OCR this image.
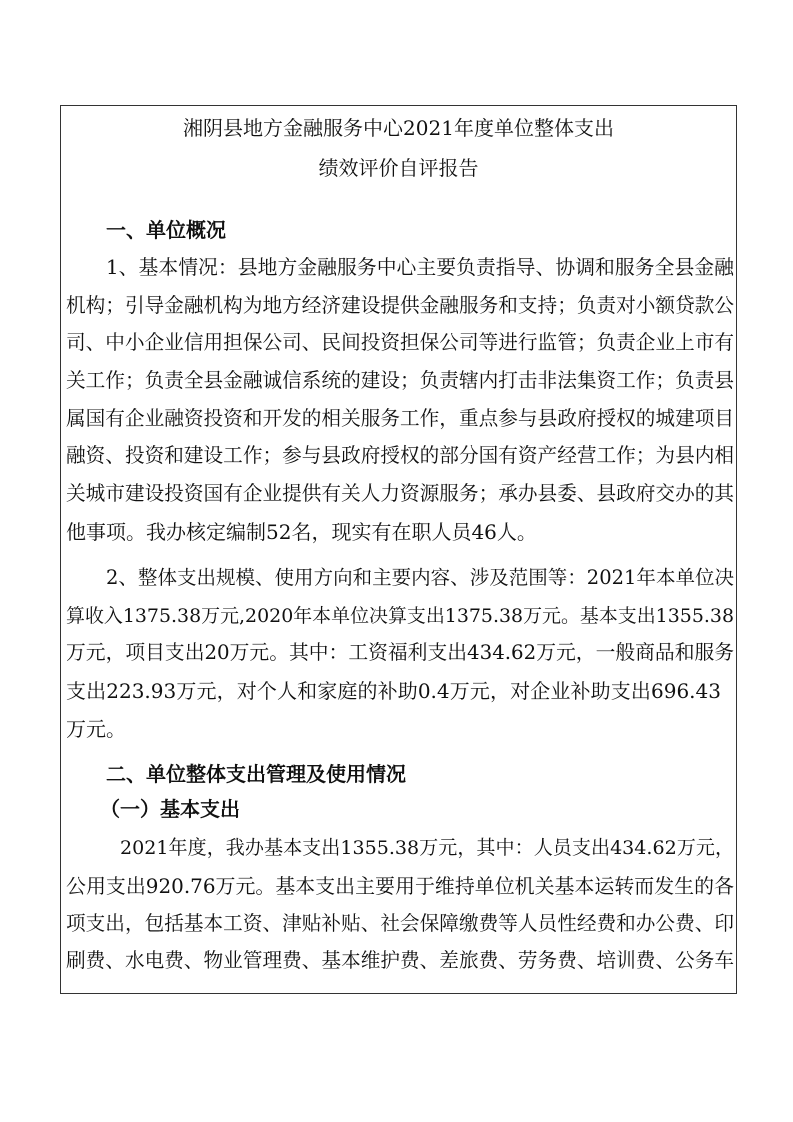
湘阴县地方金融服务中心2021年度单位整体支出
绩效评价自评报告
一、单位概况
1、基本情况：县地方金融服务中心主要负责指导、协调和服务全县金融
机构；引导金融机构为地方经济建设提供金融服务和支持；负责对小额贷款公
司、中小企业信用担保公司、民间投资担保公司等进行监管；负责企业上市有
关工作；负责全县金融诚信系统的建设；负责辖内打击非法集资工作；负责县
属国有企业融资投资和开发的相关服务工作，重点参与县政府授权的城建项目
融资、投资和建设工作；参与县政府授权的部分国有资产经营工作；为县内相
关城市建设投资国有企业提供有关人力资源服务；承办县委、县政府交办的其
他事项。我办核定编制52名，现实有在职人员46人。
2、整体支出规模、使用方向和主要内容、涉及范围等：2021年本单位决
算收入1375.38万元,2020年本单位决算支出1375.38万元。基本支出1355.38
万元，项目支出20万元。其中：工资福利支出434.62万元，一般商品和服务
支出223.93万元，对个人和家庭的补助0.4万元，对企业补助支出696.43
万元。
二、单位整体支出管理及使用情况
（一）基本支出
2021年度，我办基本支出1355.38万元，其中：人员支出434.62万元，
公用支出920.76万元。基本支出主要用于维持单位机关基本运转而发生的各
项支出，包括基本工资、津贴补贴、社会保障缴费等人员性经费和办公费、印
刷费、水电费、物业管理费、基本维护费、差旅费、劳务费、培训费、公务车
